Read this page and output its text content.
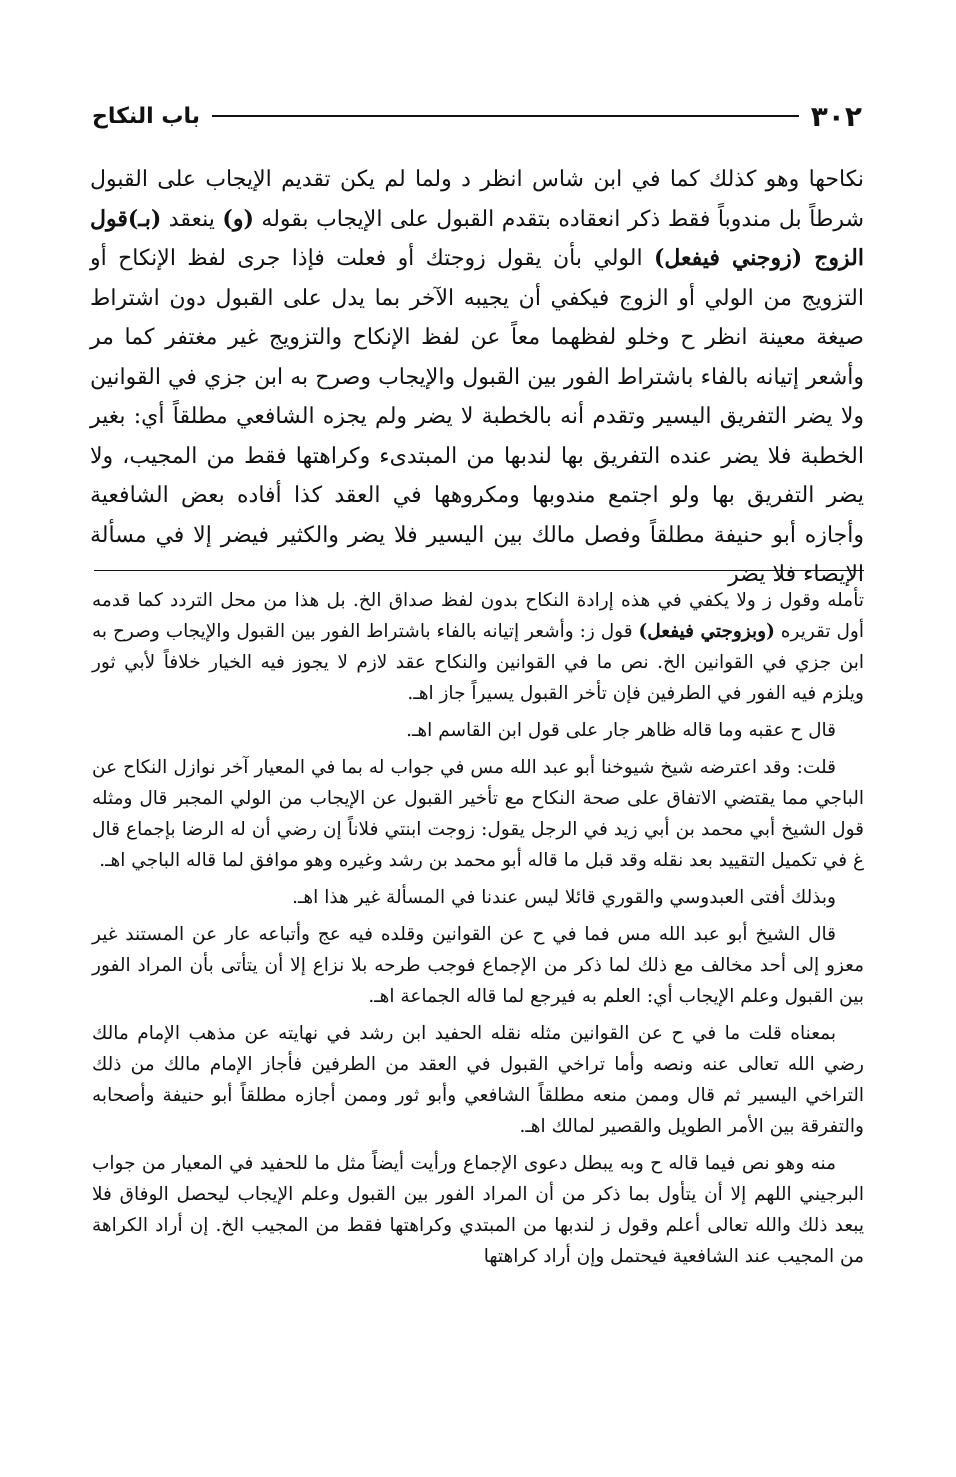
٣٠٢
باب النكاح

نكاحها وهو كذلك كما في ابن شاس انظر د ولما لم يكن تقديم الإيجاب على القبول شرطاً بل مندوباً فقط ذكر انعقاده بتقدم القبول على الإيجاب بقوله (و) ينعقد (بـ)قول الزوج (زوجني فيفعل) الولي بأن يقول زوجتك أو فعلت فإذا جرى لفظ الإنكاح أو التزويج من الولي أو الزوج فيكفي أن يجيبه الآخر بما يدل على القبول دون اشتراط صيغة معينة انظر ح وخلو لفظهما معاً عن لفظ الإنكاح والتزويج غير مغتفر كما مر وأشعر إتيانه بالفاء باشتراط الفور بين القبول والإيجاب وصرح به ابن جزي في القوانين ولا يضر التفريق اليسير وتقدم أنه بالخطبة لا يضر ولم يجزه الشافعي مطلقاً أي: بغير الخطبة فلا يضر عنده التفريق بها لندبها من المبتدىء وكراهتها فقط من المجيب، ولا يضر التفريق بها ولو اجتمع مندوبها ومكروهها في العقد كذا أفاده بعض الشافعية وأجازه أبو حنيفة مطلقاً وفصل مالك بين اليسير فلا يضر والكثير فيضر إلا في مسألة الإيصاء فلا يضر

تأمله وقول ز ولا يكفي في هذه إرادة النكاح بدون لفظ صداق الخ. بل هذا من محل التردد كما قدمه أول تقريره (وبزوجتي فيفعل) قول ز: وأشعر إتيانه بالفاء باشتراط الفور بين القبول والإيجاب وصرح به ابن جزي في القوانين الخ. نص ما في القوانين والنكاح عقد لازم لا يجوز فيه الخيار خلافاً لأبي ثور ويلزم فيه الفور في الطرفين فإن تأخر القبول يسيراً جاز اهـ.

قال ح عقبه وما قاله ظاهر جار على قول ابن القاسم اهـ.

قلت: وقد اعترضه شيخ شيوخنا أبو عبد الله مس في جواب له بما في المعيار آخر نوازل النكاح عن الباجي مما يقتضي الاتفاق على صحة النكاح مع تأخير القبول عن الإيجاب من الولي المجبر قال ومثله قول الشيخ أبي محمد بن أبي زيد في الرجل يقول: زوجت ابنتي فلاناً إن رضي أن له الرضا بإجماع قال غ في تكميل التقييد بعد نقله وقد قبل ما قاله أبو محمد بن رشد وغيره وهو موافق لما قاله الباجي اهـ.

وبذلك أفتى العبدوسي والقوري قائلا ليس عندنا في المسألة غير هذا اهـ.

قال الشيخ أبو عبد الله مس فما في ح عن القوانين وقلده فيه عج وأتباعه عار عن المستند غير معزو إلى أحد مخالف مع ذلك لما ذكر من الإجماع فوجب طرحه بلا نزاع إلا أن يتأتى بأن المراد الفور بين القبول وعلم الإيجاب أي: العلم به فيرجع لما قاله الجماعة اهـ.

بمعناه قلت ما في ح عن القوانين مثله نقله الحفيد ابن رشد في نهايته عن مذهب الإمام مالك رضي الله تعالى عنه ونصه وأما تراخي القبول في العقد من الطرفين فأجاز الإمام مالك من ذلك التراخي اليسير ثم قال وممن منعه مطلقاً الشافعي وأبو ثور وممن أجازه مطلقاً أبو حنيفة وأصحابه والتفرقة بين الأمر الطويل والقصير لمالك اهـ.

منه وهو نص فيما قاله ح وبه يبطل دعوى الإجماع ورأيت أيضاً مثل ما للحفيد في المعيار من جواب البرجيني اللهم إلا أن يتأول بما ذكر من أن المراد الفور بين القبول وعلم الإيجاب ليحصل الوفاق فلا يبعد ذلك والله تعالى أعلم وقول ز لندبها من المبتدي وكراهتها فقط من المجيب الخ. إن أراد الكراهة من المجيب عند الشافعية فيحتمل وإن أراد كراهتها
